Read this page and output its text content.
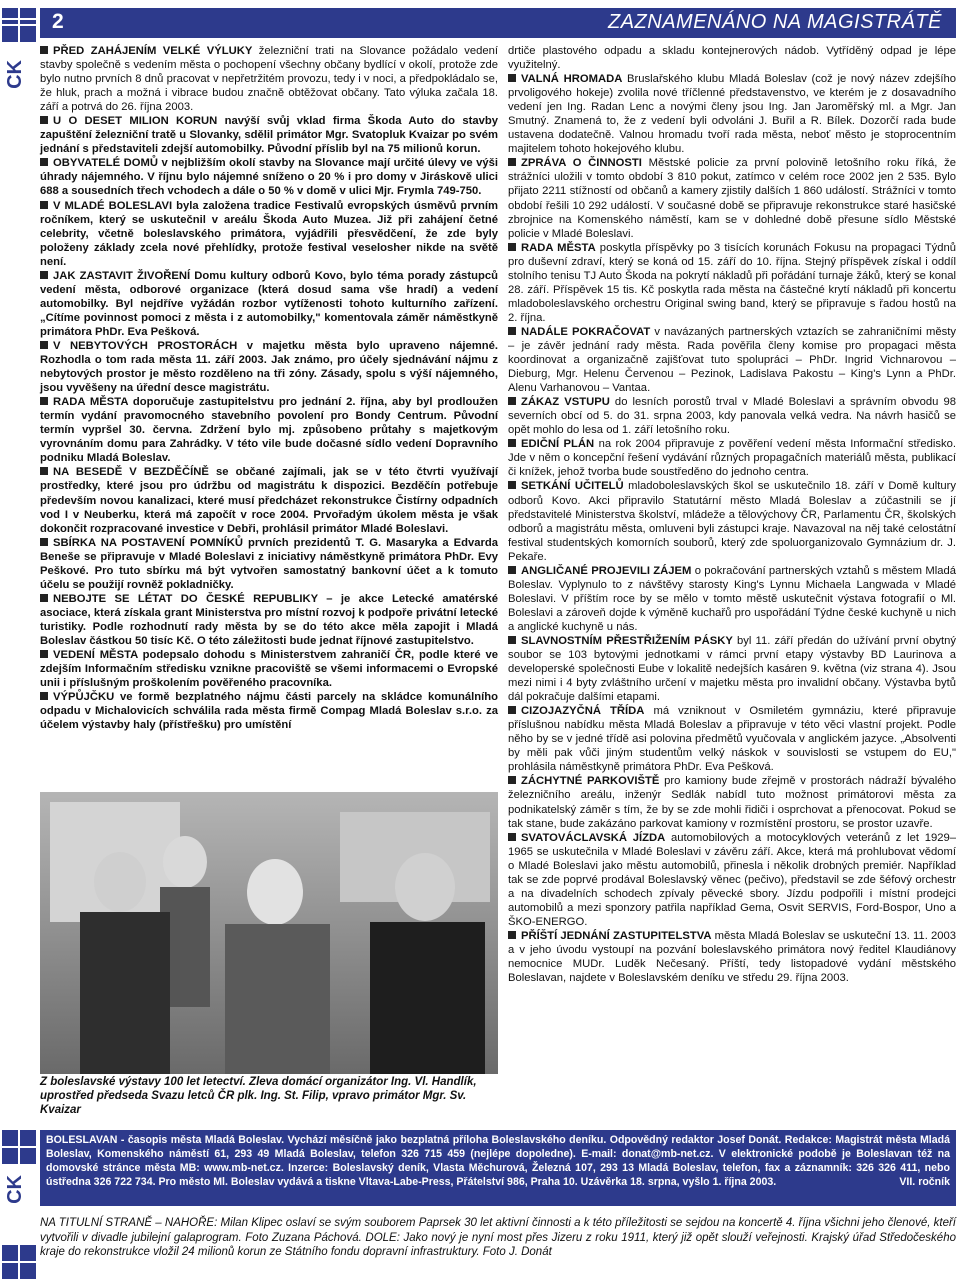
CK
CK
2	ZAZNAMENÁNO NA MAGISTRÁTĚ

PŘED ZAHÁJENÍM VELKÉ VÝLUKY železniční trati na Slovance požádalo vedení stavby společně s vedením města o pochopení všechny občany bydlící v okolí, protože zde bylo nutno prvních 8 dnů pracovat v nepřetržitém provozu, tedy i v noci, a předpokládalo se, že hluk, prach a možná i vibrace budou značně obtěžovat občany. Tato výluka začala 18. září a potrvá do 26. října 2003.

U O DESET MILION KORUN navýší svůj vklad firma Škoda Auto do stavby zapuštění železniční tratě u Slovanky, sdělil primátor Mgr. Svatopluk Kvaizar po svém jednání s představiteli zdejší automobilky. Původní příslib byl na 75 milionů korun.

OBYVATELÉ DOMŮ v nejbližším okolí stavby na Slovance mají určité úlevy ve výši úhrady nájemného. V říjnu bylo nájemné sníženo o 20 % i pro domy v Jiráskově ulici 688 a sousedních třech vchodech a dále o 50 % v domě v ulici Mjr. Frymla 749-750.

V MLADÉ BOLESLAVI byla založena tradice Festivalů evropských úsměvů prvním ročníkem, který se uskutečnil v areálu Škoda Auto Muzea. Již při zahájení četné celebrity, včetně boleslavského primátora, vyjádřili přesvědčení, že zde byly položeny základy zcela nové přehlídky, protože festival veselosher nikde na světě není.

JAK ZASTAVIT ŽIVOŘENÍ Domu kultury odborů Kovo, bylo téma porady zástupců vedení města, odborové organizace (která dosud sama vše hradí) a vedení automobilky. Byl nejdříve vyžádán rozbor vytíženosti tohoto kulturního zařízení. „Cítíme povinnost pomoci z města i z automobilky," komentovala záměr náměstkyně primátora PhDr. Eva Pešková.

V NEBYTOVÝCH PROSTORÁCH v majetku města bylo upraveno nájemné. Rozhodla o tom rada města 11. září 2003. Jak známo, pro účely sjednávání nájmu z nebytových prostor je město rozděleno na tři zóny. Zásady, spolu s výší nájemného, jsou vyvěšeny na úřední desce magistrátu.

RADA MĚSTA doporučuje zastupitelstvu pro jednání 2. října, aby byl prodloužen termín vydání pravomocného stavebního povolení pro Bondy Centrum. Původní termín vypršel 30. června. Zdržení bylo mj. způsobeno průtahy s majetkovým vyrovnáním domu para Zahrádky. V této vile bude dočasné sídlo vedení Dopravního podniku Mladá Boleslav.

NA BESEDĚ V BEZDĚČÍNĚ se občané zajímali, jak se v této čtvrti využívají prostředky, které jsou pro údržbu od magistrátu k dispozici. Bezděčín potřebuje především novou kanalizaci, které musí předcházet rekonstrukce Čistírny odpadních vod I v Neuberku, která má započít v roce 2004. Prvořadým úkolem města je však dokončit rozpracované investice v Debři, prohlásil primátor Mladé Boleslavi.

SBÍRKA NA POSTAVENÍ POMNÍKŮ prvních prezidentů T. G. Masaryka a Edvarda Beneše se připravuje v Mladé Boleslavi z iniciativy náměstkyně primátora PhDr. Evy Peškové. Pro tuto sbírku má být vytvořen samostatný bankovní účet a k tomuto účelu se použijí rovněž pokladničky.

NEBOJTE SE LÉTAT DO ČESKÉ REPUBLIKY – je akce Letecké amatérské asociace, která získala grant Ministerstva pro místní rozvoj k podpoře privátní letecké turistiky. Podle rozhodnutí rady města by se do této akce měla zapojit i Mladá Boleslav částkou 50 tisíc Kč. O této záležitosti bude jednat říjnové zastupitelstvo.

VEDENÍ MĚSTA podepsalo dohodu s Ministerstvem zahraničí ČR, podle které ve zdejším Informačním středisku vznikne pracoviště se všemi informacemi o Evropské unii i příslušným proškolením pověřeného pracovníka.

VÝPŮJČKU ve formě bezplatného nájmu části parcely na skládce komunálního odpadu v Michalovicích schválila rada města firmě Compag Mladá Boleslav s.r.o. za účelem výstavby haly (přístřešku) pro umístění

drtiče plastového odpadu a skladu kontejnerových nádob. Vytříděný odpad je lépe využitelný.

VALNÁ HROMADA Bruslařského klubu Mladá Boleslav (což je nový název zdejšího prvoligového hokeje) zvolila nové tříčlenné představenstvo, ve kterém je z dosavadního vedení jen Ing. Radan Lenc a novými členy jsou Ing. Jan Jaroměřský ml. a Mgr. Jan Smutný. Znamená to, že z vedení byli odvoláni J. Buřil a R. Bílek. Dozorčí rada bude ustavena dodatečně. Valnou hromadu tvoří rada města, neboť město je stoprocentním majitelem tohoto hokejového klubu.

ZPRÁVA O ČINNOSTI Městské policie za první polovině letošního roku říká, že strážníci uložili v tomto období 3 810 pokut, zatímco v celém roce 2002 jen 2 535. Bylo přijato 2211 stížností od občanů a kamery zjistily dalších 1 860 událostí. Strážníci v tomto období řešili 10 292 událostí. V současné době se připravuje rekonstrukce staré hasičské zbrojnice na Komenského náměstí, kam se v dohledné době přesune sídlo Městské policie v Mladé Boleslavi.

RADA MĚSTA poskytla příspěvky po 3 tisících korunách Fokusu na propagaci Týdnů pro duševní zdraví, který se koná od 15. září do 10. října. Stejný příspěvek získal i oddíl stolního tenisu TJ Auto Škoda na pokrytí nákladů při pořádání turnaje žáků, který se konal 28. září. Příspěvek 15 tis. Kč poskytla rada města na částečné krytí nákladů při koncertu mladoboleslavského orchestru Original swing band, který se připravuje s řadou hostů na 2. října.

NADÁLE POKRAČOVAT v navázaných partnerských vztazích se zahraničními městy – je závěr jednání rady města. Rada pověřila členy komise pro propagaci města koordinovat a organizačně zajišťovat tuto spolupráci – PhDr. Ingrid Vichnarovou – Dieburg, Mgr. Helenu Červenou – Pezinok, Ladislava Pakostu – King's Lynn a PhDr. Alenu Varhanovou – Vantaa.

ZÁKAZ VSTUPU do lesních porostů trval v Mladé Boleslavi a správním obvodu 98 severních obcí od 5. do 31. srpna 2003, kdy panovala velká vedra. Na návrh hasičů se opět mohlo do lesa od 1. září letošního roku.

EDIČNÍ PLÁN na rok 2004 připravuje z pověření vedení města Informační středisko. Jde v něm o koncepční řešení vydávání různých propagačních materiálů města, publikací či knížek, jehož tvorba bude soustředěno do jednoho centra.

SETKÁNÍ UČITELŮ mladoboleslavských škol se uskutečnilo 18. září v Domě kultury odborů Kovo. Akci připravilo Statutární město Mladá Boleslav a zúčastnili se jí představitelé Ministerstva školství, mládeže a tělovýchovy ČR, Parlamentu ČR, školských odborů a magistrátu města, omluveni byli zástupci kraje. Navazoval na něj také celostátní festival studentských komorních souborů, který zde spoluorganizovalo Gymnázium dr. J. Pekaře.

ANGLIČANÉ PROJEVILI ZÁJEM o pokračování partnerských vztahů s městem Mladá Boleslav. Vyplynulo to z návštěvy starosty King's Lynnu Michaela Langwada v Mladé Boleslavi. V příštím roce by se mělo v tomto městě uskutečnit výstava fotografií o Ml. Boleslavi a zároveň dojde k výměně kuchařů pro uspořádání Týdne české kuchyně u nich a anglické kuchyně u nás.

SLAVNOSTNÍM PŘESTŘIŽENÍM PÁSKY byl 11. září předán do užívání první obytný soubor se 103 bytovými jednotkami v rámci první etapy výstavby BD Laurinova a developerské společnosti Eube v lokalitě nedejších kasáren 9. května (viz strana 4). Jsou mezi nimi i 4 byty zvláštního určení v majetku města pro invalidní občany. Výstavba bytů dál pokračuje dalšími etapami.

CIZOJAZYČNÁ TŘÍDA má vzniknout v Osmiletém gymnáziu, které připravuje příslušnou nabídku města Mladá Boleslav a připravuje v této věci vlastní projekt. Podle něho by se v jedné třídě asi polovina předmětů vyučovala v anglickém jazyce. „Absolventi by měli pak vůči jiným studentům velký náskok v souvislosti se vstupem do EU," prohlásila náměstkyně primátora PhDr. Eva Pešková.

ZÁCHYTNÉ PARKOVIŠTĚ pro kamiony bude zřejmě v prostorách nádraží bývalého železničního areálu, inženýr Sedlák nabídl tuto možnost primátorovi města za podnikatelský záměr s tím, že by se zde mohli řidiči i osprchovat a přenocovat. Pokud se tak stane, bude zakázáno parkovat kamiony v rozmístění prostoru, se prostor uzavře.

SVATOVÁCLAVSKÁ JÍZDA automobilových a motocyklových veteránů z let 1929–1965 se uskutečnila v Mladé Boleslavi v závěru září. Akce, která má prohlubovat vědomí o Mladé Boleslavi jako městu automobilů, přinesla i několik drobných premiér. Například tak se zde poprvé prodával Boleslavský věnec (pečivo), představil se zde šéfový orchestr a na divadelních schodech zpívaly pěvecké sbory. Jízdu podpořili i místní prodejci automobilů a mezi sponzory patřila například Gema, Osvit SERVIS, Ford-Bospor, Uno a ŠKO-ENERGO.

PŘÍŠTÍ JEDNÁNÍ ZASTUPITELSTVA města Mladá Boleslav se uskuteční 13. 11. 2003 a v jeho úvodu vystoupí na pozvání boleslavského primátora nový ředitel Klaudiánovy nemocnice MUDr. Luděk Nečesaný. Příští, tedy listopadové vydání městského Boleslavan, najdete v Boleslavském deníku ve středu 29. října 2003.

Z boleslavské výstavy 100 let letectví. Zleva domácí organizátor Ing. Vl. Handlík, uprostřed předseda Svazu letců ČR plk. Ing. St. Filip, vpravo primátor Mgr. Sv. Kvaizar
BOLESLAVAN - časopis města Mladá Boleslav. Vychází měsíčně jako bezplatná příloha Boleslavského deníku. Odpovědný redaktor Josef Donát. Redakce: Magistrát města Mladá Boleslav, Komenského náměstí 61, 293 49 Mladá Boleslav, telefon 326 715 459 (nejlépe dopoledne). E-mail: donat@mb-net.cz. V elektronické podobě je Boleslavan též na domovské stránce města MB: www.mb-net.cz. Inzerce: Boleslavský deník, Vlasta Měchurová, Železná 107, 293 13 Mladá Boleslav, telefon, fax a záznamník: 326 326 411, nebo ústředna 326 722 734. Pro město Ml. Boleslav vydává a tiskne Vltava-Labe-Press, Přátelství 986, Praha 10. Uzávěrka 18. srpna, vyšlo 1. října 2003.	VII. ročník
NA TITULNÍ STRANĚ – NAHOŘE: Milan Klipec oslaví se svým souborem Paprsek 30 let aktivní činnosti a k této příležitosti se sejdou na koncertě 4. října všichni jeho členové, kteří vytvořili v divadle jubilejní galaprogram. Foto Zuzana Páchová. DOLE: Jako nový je nyní most přes Jizeru z roku 1911, který již opět slouží veřejnosti. Krajský úřad Středočeského kraje do rekonstrukce vložil 24 milionů korun ze Státního fondu dopravní infrastruktury. Foto J. Donát
